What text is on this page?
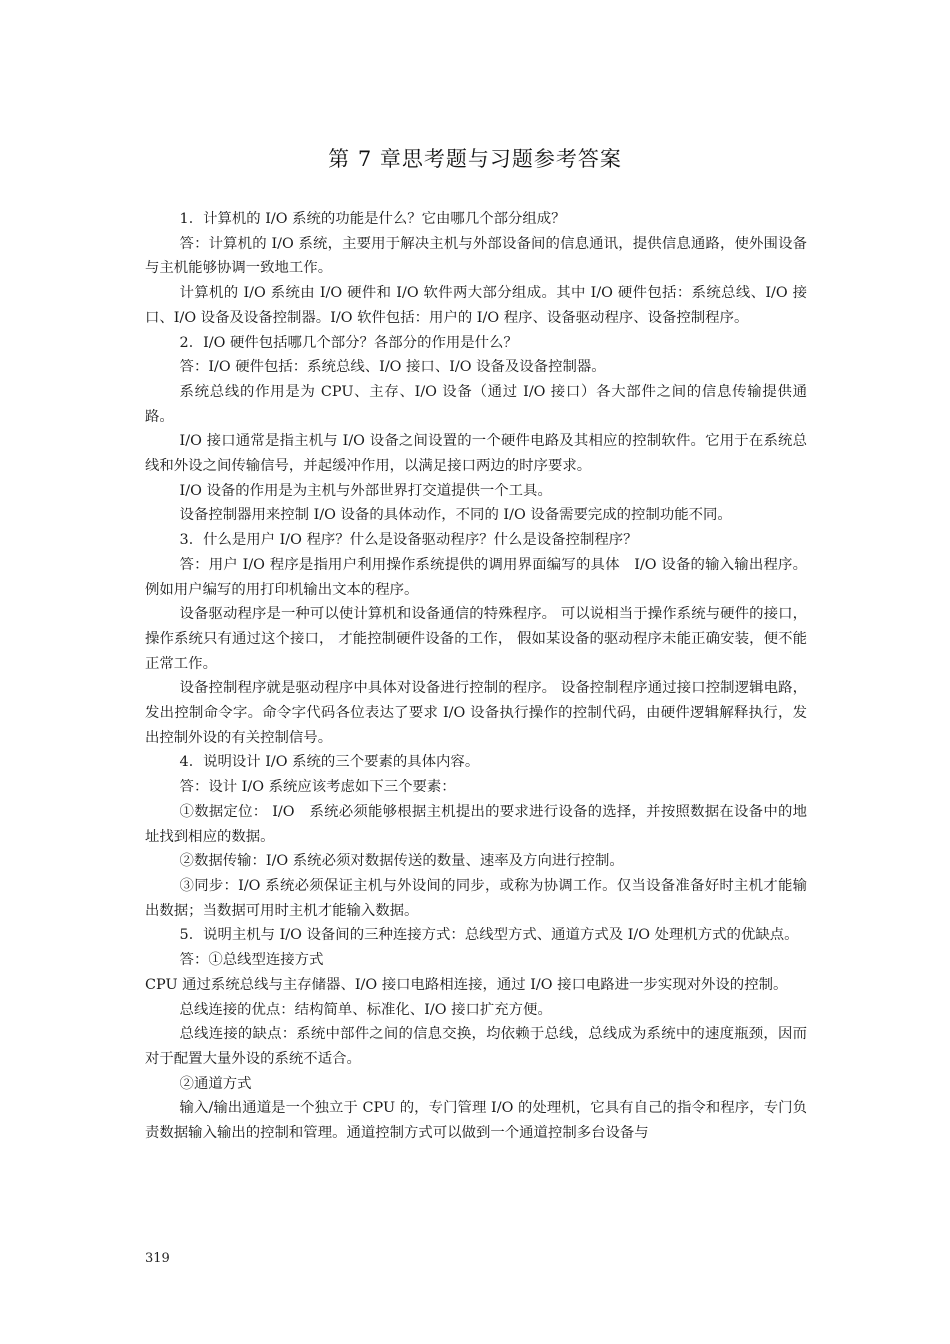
第 7 章思考题与习题参考答案

1．计算机的 I/O 系统的功能是什么？它由哪几个部分组成？

答：计算机的 I/O 系统，主要用于解决主机与外部设备间的信息通讯，提供信息通路，使外围设备与主机能够协调一致地工作。

计算机的 I/O 系统由 I/O 硬件和 I/O 软件两大部分组成。其中 I/O 硬件包括：系统总线、I/O 接口、I/O 设备及设备控制器。I/O 软件包括：用户的 I/O 程序、设备驱动程序、设备控制程序。

2．I/O 硬件包括哪几个部分？各部分的作用是什么？

答：I/O 硬件包括：系统总线、I/O 接口、I/O 设备及设备控制器。

系统总线的作用是为 CPU、主存、I/O 设备（通过 I/O 接口）各大部件之间的信息传输提供通路。

I/O 接口通常是指主机与 I/O 设备之间设置的一个硬件电路及其相应的控制软件。它用于在系统总线和外设之间传输信号，并起缓冲作用，以满足接口两边的时序要求。

I/O 设备的作用是为主机与外部世界打交道提供一个工具。

设备控制器用来控制 I/O 设备的具体动作，不同的 I/O 设备需要完成的控制功能不同。

3．什么是用户 I/O 程序？什么是设备驱动程序？什么是设备控制程序？

答：用户 I/O 程序是指用户利用操作系统提供的调用界面编写的具体　I/O 设备的输入输出程序。例如用户编写的用打印机输出文本的程序。

设备驱动程序是一种可以使计算机和设备通信的特殊程序。 可以说相当于操作系统与硬件的接口，操作系统只有通过这个接口， 才能控制硬件设备的工作， 假如某设备的驱动程序未能正确安装，便不能正常工作。

设备控制程序就是驱动程序中具体对设备进行控制的程序。 设备控制程序通过接口控制逻辑电路，发出控制命令字。命令字代码各位表达了要求 I/O 设备执行操作的控制代码，由硬件逻辑解释执行，发出控制外设的有关控制信号。

4．说明设计 I/O 系统的三个要素的具体内容。

答：设计 I/O 系统应该考虑如下三个要素：

①数据定位： I/O　系统必须能够根据主机提出的要求进行设备的选择，并按照数据在设备中的地址找到相应的数据。

②数据传输：I/O 系统必须对数据传送的数量、速率及方向进行控制。

③同步：I/O 系统必须保证主机与外设间的同步，或称为协调工作。仅当设备准备好时主机才能输出数据；当数据可用时主机才能输入数据。

5．说明主机与 I/O 设备间的三种连接方式：总线型方式、通道方式及 I/O 处理机方式的优缺点。

答：①总线型连接方式

CPU 通过系统总线与主存储器、I/O 接口电路相连接，通过 I/O 接口电路进一步实现对外设的控制。

总线连接的优点：结构简单、标准化、I/O 接口扩充方便。

总线连接的缺点：系统中部件之间的信息交换，均依赖于总线，总线成为系统中的速度瓶颈，因而对于配置大量外设的系统不适合。

②通道方式

输入/输出通道是一个独立于 CPU 的，专门管理 I/O 的处理机，它具有自己的指令和程序，专门负责数据输入输出的控制和管理。通道控制方式可以做到一个通道控制多台设备与

319
